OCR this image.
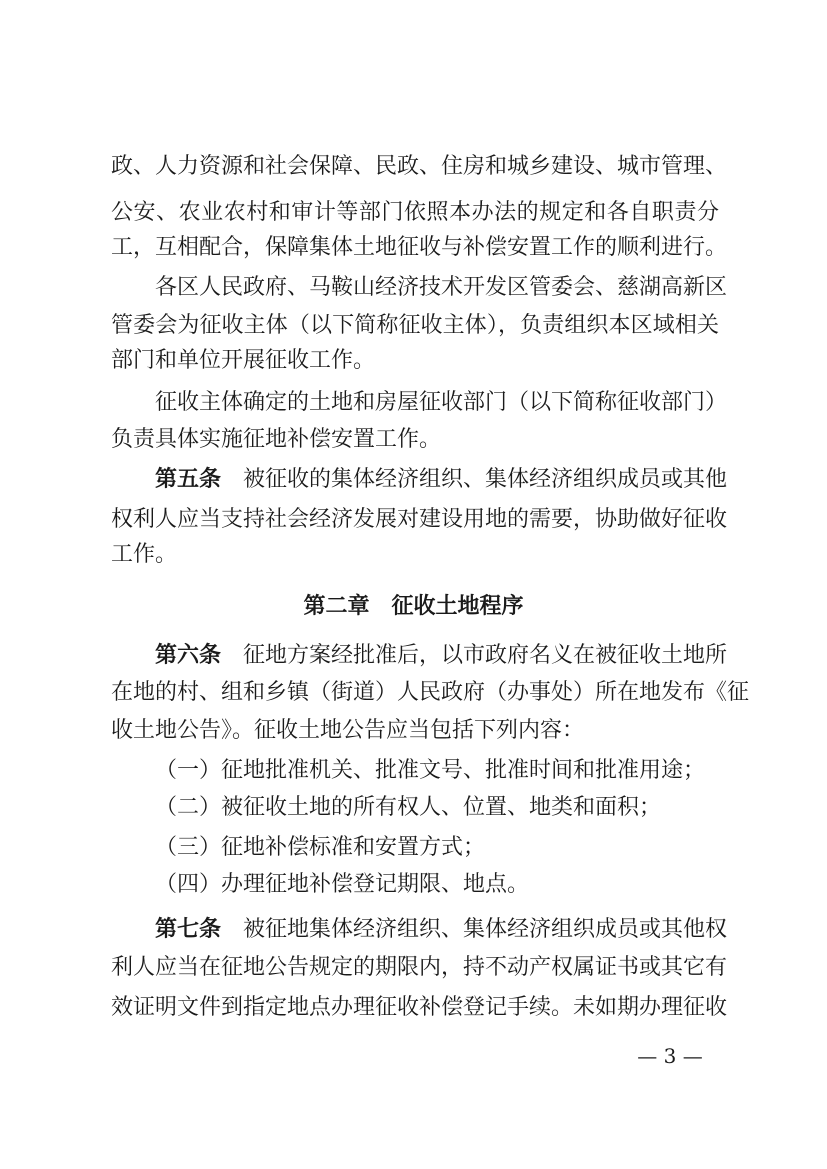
政、人力资源和社会保障、民政、住房和城乡建设、城市管理、
公安、农业农村和审计等部门依照本办法的规定和各自职责分
工，互相配合，保障集体土地征收与补偿安置工作的顺利进行。
各区人民政府、马鞍山经济技术开发区管委会、慈湖高新区
管委会为征收主体（以下简称征收主体），负责组织本区域相关
部门和单位开展征收工作。
征收主体确定的土地和房屋征收部门（以下简称征收部门）
负责具体实施征地补偿安置工作。
第五条　 被征收的集体经济组织、集体经济组织成员或其他
权利人应当支持社会经济发展对建设用地的需要，协助做好征收
工作。
第二章　征收土地程序
第六条　 征地方案经批准后，以市政府名义在被征收土地所
在地的村、组和乡镇（街道）人民政府（办事处）所在地发布《征
收土地公告》。征收土地公告应当包括下列内容：
（一）征地批准机关、批准文号、批准时间和批准用途；
（二）被征收土地的所有权人、位置、地类和面积；
（三）征地补偿标准和安置方式；
（四）办理征地补偿登记期限、地点。
第七条　 被征地集体经济组织、集体经济组织成员或其他权
利人应当在征地公告规定的期限内，持不动产权属证书或其它有
效证明文件到指定地点办理征收补偿登记手续。未如期办理征收
— 3 —
